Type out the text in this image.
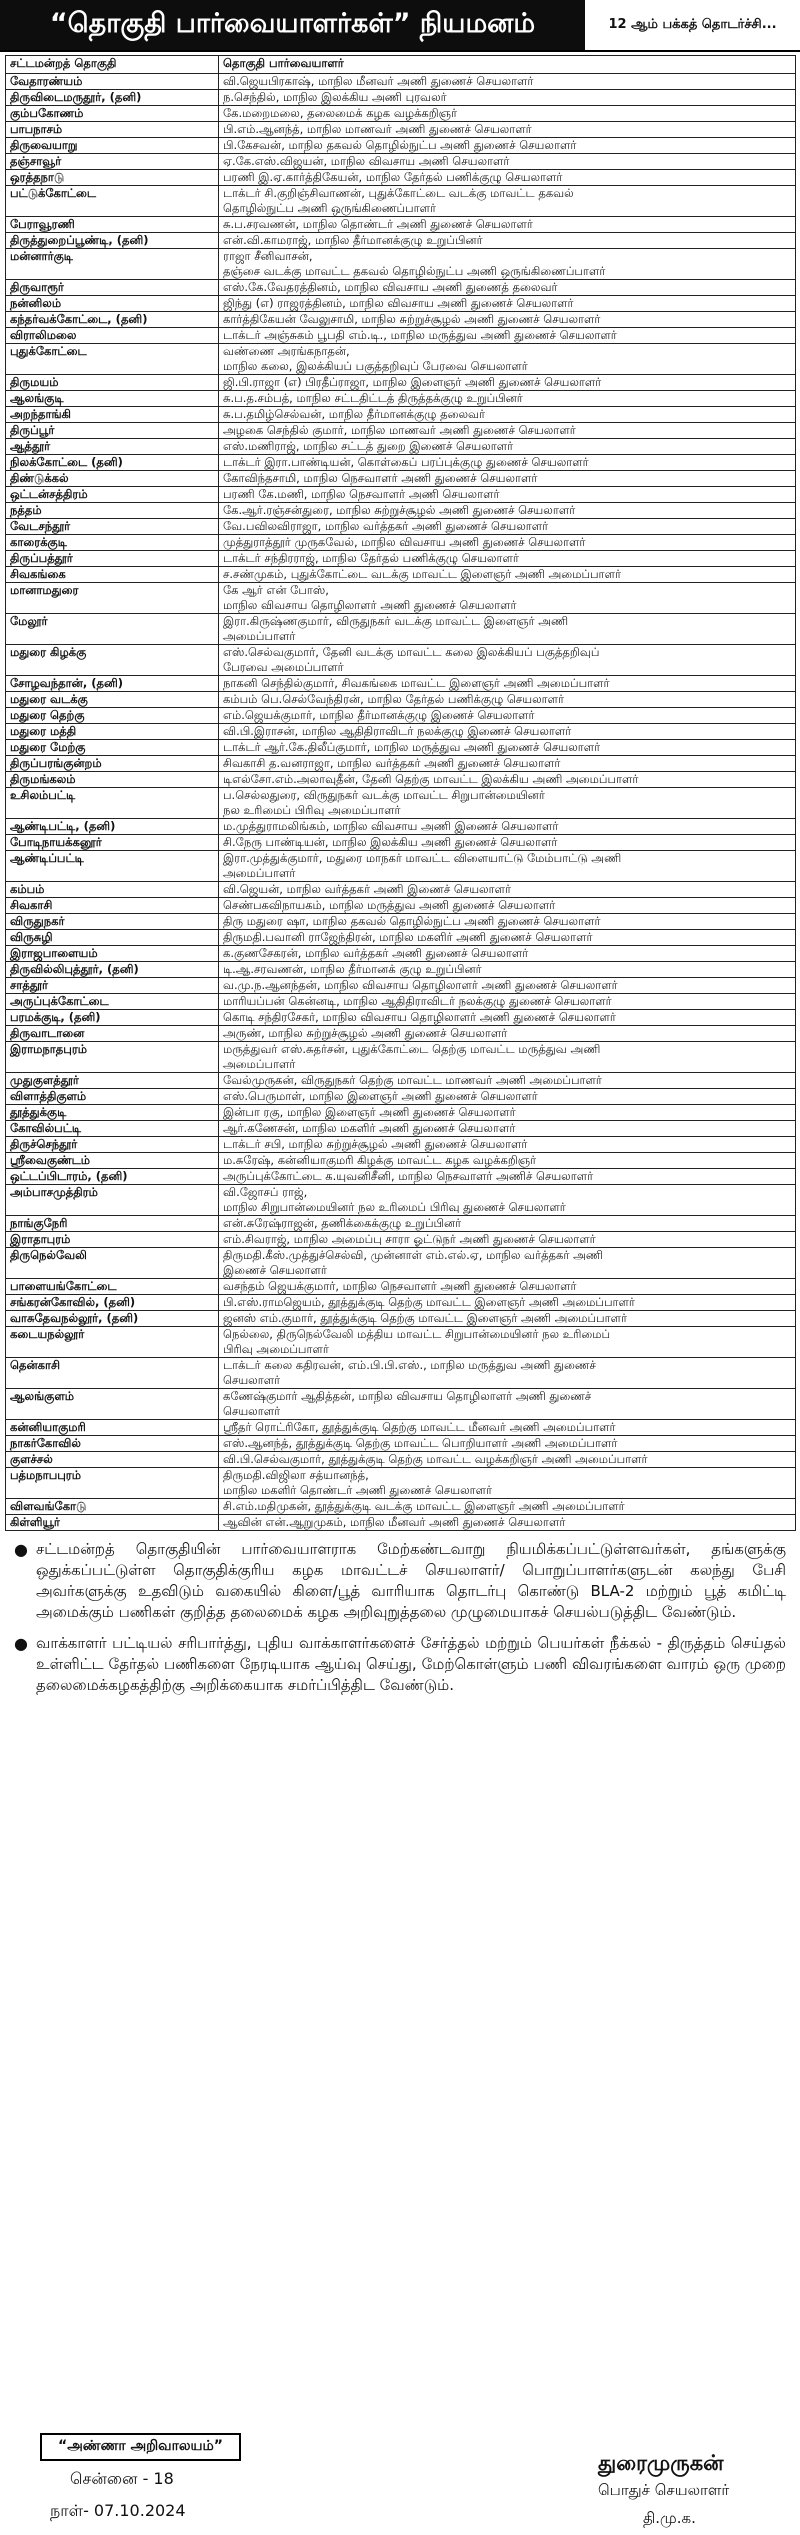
“தொகுதி பார்வையாளர்கள்” நியமனம்	12 ஆம் பக்கத் தொடர்ச்சி...
சட்டமன்றத் தொகுதி	தொகுதி பார்வையாளர்
வேதாரண்யம்	வி.ஜெயபிரகாஷ், மாநில மீனவர் அணி துணைச் செயலாளர்

திருவிடைமருதூர், (தனி)	ந.செந்தில், மாநில இலக்கிய அணி புரவலர்

கும்பகோணம்	கே.மறைமலை, தலைமைக் கழக வழக்கறிஞர்

பாபநாசம்	பி.எம்.ஆனந்த், மாநில மாணவர் அணி துணைச் செயலாளர்

திருவையாறு	பி.கேசவன், மாநில தகவல் தொழில்நுட்ப அணி துணைச் செயலாளர்

தஞ்சாவூர்	ஏ.கே.எஸ்.விஜயன், மாநில விவசாய அணி செயலாளர்

ஒரத்தநாடு	பரணி இ.ஏ.கார்த்திகேயன், மாநில தேர்தல் பணிக்குழு செயலாளர்

பட்டுக்கோட்டை	டாக்டர் சி.குறிஞ்சிவாணன், புதுக்கோட்டை வடக்கு மாவட்ட தகவல்
தொழில்நுட்ப அணி ஒருங்கிணைப்பாளர்

பேராவூரணி	சு.ப.சரவணன், மாநில தொண்டர் அணி துணைச் செயலாளர்

திருத்துறைப்பூண்டி, (தனி)	என்.வி.காமராஜ், மாநில தீர்மானக்குழு உறுப்பினர்

மன்னார்குடி	ராஜா சீனிவாசன்,
தஞ்சை வடக்கு மாவட்ட தகவல் தொழில்நுட்ப அணி ஒருங்கிணைப்பாளர்

திருவாரூர்	எஸ்.கே.வேதரத்தினம், மாநில விவசாய அணி துணைத் தலைவர்

நன்னிலம்	ஜிந்து (எ) ராஜரத்தினம், மாநில விவசாய அணி துணைச் செயலாளர்

கந்தர்வக்கோட்டை, (தனி)	கார்த்திகேயன் வேலுசாமி, மாநில சுற்றுச்சூழல் அணி துணைச் செயலாளர்

விராலிமலை	டாக்டர் அஞ்சுகம் பூபதி எம்.டி., மாநில மருத்துவ அணி துணைச் செயலாளர்

புதுக்கோட்டை	வண்ணை அரங்கநாதன்,
மாநில கலை, இலக்கியப் பகுத்தறிவுப் பேரவை செயலாளர்

திருமயம்	ஜி.பி.ராஜா (எ) பிரதீப்ராஜா, மாநில இளைஞர் அணி துணைச் செயலாளர்

ஆலங்குடி	சு.ப.த.சம்பத், மாநில சட்டதிட்டத் திருத்தக்குழு உறுப்பினர்

அறந்தாங்கி	சு.ப.தமிழ்செல்வன், மாநில தீர்மானக்குழு தலைவர்

திருப்பூர்	அழகை செந்தில் குமார், மாநில மாணவர் அணி துணைச் செயலாளர்

ஆத்தூர்	எஸ்.மணிராஜ், மாநில சட்டத் துறை இணைச் செயலாளர்

நிலக்கோட்டை (தனி)	டாக்டர் இரா.பாண்டியன், கொள்கைப் பரப்புக்குழு துணைச் செயலாளர்

திண்டுக்கல்	கோவிந்தசாமி, மாநில நெசவாளர் அணி துணைச் செயலாளர்

ஒட்டன்சத்திரம்	பரணி கே.மணி, மாநில நெசவாளர் அணி செயலாளர்

நத்தம்	கே.ஆர்.ரஞ்சன்துரை, மாநில சுற்றுச்சூழல் அணி துணைச் செயலாளர்

வேடசந்தூர்	வே.பவிலவிராஜா, மாநில வர்த்தகர் அணி துணைச் செயலாளர்

காரைக்குடி	முத்துராத்தூர் முருகவேல், மாநில விவசாய அணி துணைச் செயலாளர்

திருப்பத்தூர்	டாக்டர் சந்திரராஜ், மாநில தேர்தல் பணிக்குழு செயலாளர்

சிவகங்கை	ச.சண்முகம், புதுக்கோட்டை வடக்கு மாவட்ட இளைஞர் அணி அமைப்பாளர்

மானாமதுரை	கே ஆர் என் போஸ்,
மாநில விவசாய தொழிலாளர் அணி துணைச் செயலாளர்

மேலூர்	இரா.கிருஷ்ணகுமார், விருதுநகர் வடக்கு மாவட்ட இளைஞர் அணி
அமைப்பாளர்

மதுரை கிழக்கு	எஸ்.செல்வகுமார், தேனி வடக்கு மாவட்ட கலை இலக்கியப் பகுத்தறிவுப்
பேரவை அமைப்பாளர்

சோழவந்தான், (தனி)	நாகனி செந்தில்குமார், சிவகங்கை மாவட்ட இளைஞர் அணி அமைப்பாளர்

மதுரை வடக்கு	கம்பம் பெ.செல்வேந்திரன், மாநில தேர்தல் பணிக்குழு செயலாளர்

மதுரை தெற்கு	எம்.ஜெயக்குமார், மாநில தீர்மானக்குழு இணைச் செயலாளர்

மதுரை மத்தி	வி.பி.இராசன், மாநில ஆதிதிராவிடர் நலக்குழு இணைச் செயலாளர்

மதுரை மேற்கு	டாக்டர் ஆர்.கே.திலீப்குமார், மாநில மருத்துவ அணி துணைச் செயலாளர்

திருப்பரங்குன்றம்	சிவகாசி த.வனராஜா, மாநில வர்த்தகர் அணி துணைச் செயலாளர்

திருமங்கலம்	டிஎல்சோ.எம்.அலாவுதீன், தேனி தெற்கு மாவட்ட இலக்கிய அணி அமைப்பாளர்

உசிலம்பட்டி	ப.செல்லதுரை, விருதுநகர் வடக்கு மாவட்ட சிறுபான்மையினர்
நல உரிமைப் பிரிவு அமைப்பாளர்

ஆண்டிபட்டி, (தனி)	ம.முத்துராமலிங்கம், மாநில விவசாய அணி இணைச் செயலாளர்

போடிநாயக்கனூர்	சி.நேரு பாண்டியன், மாநில இலக்கிய அணி துணைச் செயலாளர்

ஆண்டிப்பட்டி	இரா.முத்துக்குமார், மதுரை மாநகர் மாவட்ட விளையாட்டு மேம்பாட்டு அணி
அமைப்பாளர்

கம்பம்	வி.ஜெயன், மாநில வர்த்தகர் அணி இணைச் செயலாளர்

சிவகாசி	செண்பகவிநாயகம், மாநில மருத்துவ அணி துணைச் செயலாளர்

விருதுநகர்	திரு மதுரை ஷா, மாநில தகவல் தொழில்நுட்ப அணி துணைச் செயலாளர்

விருசுழி	திருமதி.பவானி ராஜேந்திரன், மாநில மகளிர் அணி துணைச் செயலாளர்

இராஜபாளையம்	க.குணசேகரன், மாநில வர்த்தகர் அணி துணைச் செயலாளர்

திருவில்லிபுத்தூர், (தனி)	டி.ஆ.சரவணன், மாநில தீர்மானக் குழு உறுப்பினர்

சாத்தூர்	வ.மு.ந.ஆனந்தன், மாநில விவசாய தொழிலாளர் அணி துணைச் செயலாளர்

அருப்புக்கோட்டை	மாரியப்பன் கென்னடி, மாநில ஆதிதிராவிடர் நலக்குழு துணைச் செயலாளர்

பரமக்குடி, (தனி)	கொடி சந்திரசேகர், மாநில விவசாய தொழிலாளர் அணி துணைச் செயலாளர்

திருவாடானை	அருண், மாநில சுற்றுச்சூழல் அணி துணைச் செயலாளர்

இராமநாதபுரம்	மருத்துவர் எஸ்.சுதர்சன், புதுக்கோட்டை தெற்கு மாவட்ட மருத்துவ அணி
அமைப்பாளர்

முதுகுளத்தூர்	வேல்முருகன், விருதுநகர் தெற்கு மாவட்ட மாணவர் அணி அமைப்பாளர்

விளாத்திகுளம்	எஸ்.பெருமாள், மாநில இளைஞர் அணி துணைச் செயலாளர்

தூத்துக்குடி	இன்பா ரகு, மாநில இளைஞர் அணி துணைச் செயலாளர்

கோவில்பட்டி	ஆர்.கணேசன், மாநில மகளிர் அணி துணைச் செயலாளர்

திருச்செந்தூர்	டாக்டர் சபி, மாநில சுற்றுச்சூழல் அணி துணைச் செயலாளர்

ஸ்ரீவைகுண்டம்	ம.சுரேஷ், கன்னியாகுமரி கிழக்கு மாவட்ட கழக வழக்கறிஞர்

ஒட்டப்பிடாரம், (தனி)	அருப்புக்கோட்டை க.யுவனிசீனி, மாநில நெசவாளர் அணிச் செயலாளர்

அம்பாசமுத்திரம்	வி.ஜோசப் ராஜ்,
மாநில சிறுபான்மையினர் நல உரிமைப் பிரிவு துணைச் செயலாளர்

நாங்குநேரி	என்.சுரேஷ்ராஜன், தணிக்கைக்குழு உறுப்பினர்

இராதாபுரம்	எம்.சிவராஜ், மாநில அமைப்பு சாரா ஓட்டுநர் அணி துணைச் செயலாளர்

திருநெல்வேலி	திருமதி.கீஸ்.முத்துச்செல்வி, முன்னாள் எம்.எல்.ஏ, மாநில வர்த்தகர் அணி
இணைச் செயலாளர்

பாளையங்கோட்டை	வசந்தம் ஜெயக்குமார், மாநில நெசவாளர் அணி துணைச் செயலாளர்

சங்கரன்கோவில், (தனி)	பி.எஸ்.ராமஜெயம், தூத்துக்குடி தெற்கு மாவட்ட இளைஞர் அணி அமைப்பாளர்

வாசுதேவநல்லூர், (தனி)	ஜனஸ் எம்.குமார், தூத்துக்குடி தெற்கு மாவட்ட இளைஞர் அணி அமைப்பாளர்

கடையநல்லூர்	நெல்லை, திருநெல்வேலி மத்திய மாவட்ட சிறுபான்மையினர் நல உரிமைப்
பிரிவு அமைப்பாளர்

தென்காசி	டாக்டர் கலை கதிரவன், எம்.பி.பி.எஸ்., மாநில மருத்துவ அணி துணைச்
செயலாளர்

ஆலங்குளம்	கணேஷ்குமார் ஆதித்தன், மாநில விவசாய தொழிலாளர் அணி துணைச்
செயலாளர்

கன்னியாகுமரி	ஸ்ரீதர் ரொட்ரிகோ, தூத்துக்குடி தெற்கு மாவட்ட மீனவர் அணி அமைப்பாளர்

நாகர்கோவில்	எஸ்.ஆனந்த், தூத்துக்குடி தெற்கு மாவட்ட பொறியாளர் அணி அமைப்பாளர்

குளச்சல்	வி.பி.செல்வகுமார், தூத்துக்குடி தெற்கு மாவட்ட வழக்கறிஞர் அணி அமைப்பாளர்

பத்மநாபபுரம்	திருமதி.விஜிலா சத்யானந்த்,
மாநில மகளிர் தொண்டர் அணி துணைச் செயலாளர்

விளவங்கோடு	சி.எம்.மதிமுகன், தூத்துக்குடி வடக்கு மாவட்ட இளைஞர் அணி அமைப்பாளர்

கிள்ளியூர்	ஆவின் என்.ஆறுமுகம், மாநில மீனவர் அணி துணைச் செயலாளர்
● சட்டமன்றத் தொகுதியின் பார்வையாளராக மேற்கண்டவாறு நியமிக்கப்பட்டுள்ளவர்கள், தங்களுக்கு ஒதுக்கப்பட்டுள்ள தொகுதிக்குரிய கழக மாவட்டச் செயலாளர்/ பொறுப்பாளர்களுடன் கலந்து பேசி அவர்களுக்கு உதவிடும் வகையில் கிளை/பூத் வாரியாக தொடர்பு கொண்டு BLA-2 மற்றும் பூத் கமிட்டி அமைக்கும் பணிகள் குறித்த தலைமைக் கழக அறிவுறுத்தலை முழுமையாகச் செயல்படுத்திட வேண்டும்.
● வாக்காளர் பட்டியல் சரிபார்த்து, புதிய வாக்காளர்களைச் சேர்த்தல் மற்றும் பெயர்கள் நீக்கல் - திருத்தம் செய்தல் உள்ளிட்ட தேர்தல் பணிகளை நேரடியாக ஆய்வு செய்து, மேற்கொள்ளும் பணி விவரங்களை வாரம் ஒரு முறை தலைமைக்கழகத்திற்கு அறிக்கையாக சமர்ப்பித்திட வேண்டும்.
“அண்ணா அறிவாலயம்”
சென்னை - 18
நாள்- 07.10.2024
துரைமுருகன்
பொதுச் செயலாளர்
தி.மு.க.
